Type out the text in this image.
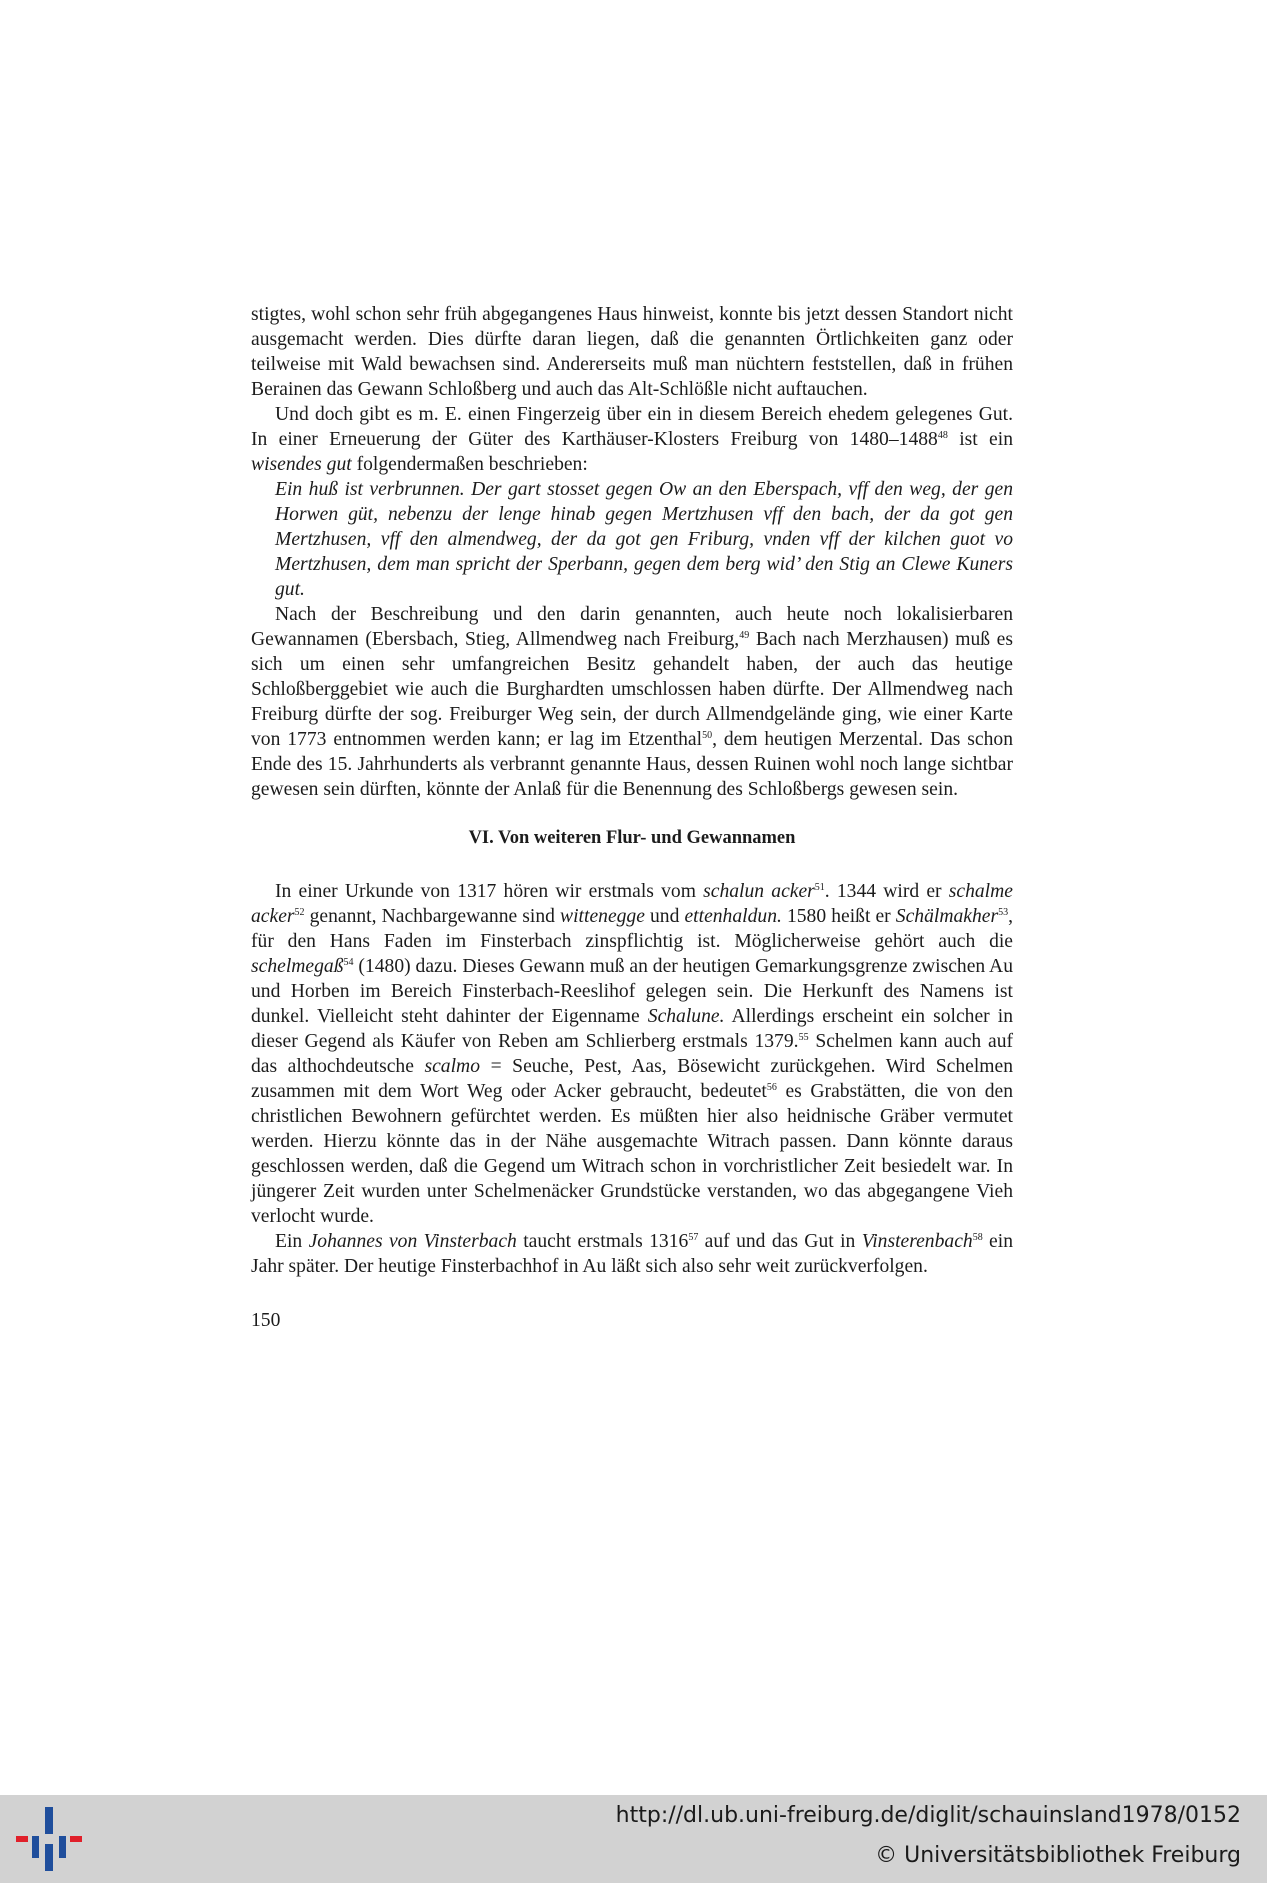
stigtes, wohl schon sehr früh abgegangenes Haus hinweist, konnte bis jetzt dessen Standort nicht ausgemacht werden. Dies dürfte daran liegen, daß die genannten Örtlichkeiten ganz oder teilweise mit Wald bewachsen sind. Andererseits muß man nüchtern feststellen, daß in frühen Berainen das Gewann Schloßberg und auch das Alt-Schlößle nicht auftauchen.

Und doch gibt es m. E. einen Fingerzeig über ein in diesem Bereich ehedem gelegenes Gut. In einer Erneuerung der Güter des Karthäuser-Klosters Freiburg von 1480–1488$^{48}$ ist ein wisendes gut folgendermaßen beschrieben:

Ein huß ist verbrunnen. Der gart stosset gegen Ow an den Eberspach, vff den weg, der gen Horwen güt, nebenzu der lenge hinab gegen Mertzhusen vff den bach, der da got gen Mertzhusen, vff den almendweg, der da got gen Friburg, vnden vff der kilchen guot vo Mertzhusen, dem man spricht der Sperbann, gegen dem berg wid’ den Stig an Clewe Kuners gut.

Nach der Beschreibung und den darin genannten, auch heute noch lokalisierbaren Gewannamen (Ebersbach, Stieg, Allmendweg nach Freiburg,$^{49}$ Bach nach Merzhausen) muß es sich um einen sehr umfangreichen Besitz gehandelt haben, der auch das heutige Schloßberggebiet wie auch die Burghardten umschlossen haben dürfte. Der Allmendweg nach Freiburg dürfte der sog. Freiburger Weg sein, der durch Allmendgelände ging, wie einer Karte von 1773 entnommen werden kann; er lag im Etzenthal$^{50}$, dem heutigen Merzental. Das schon Ende des 15. Jahrhunderts als verbrannt genannte Haus, dessen Ruinen wohl noch lange sichtbar gewesen sein dürften, könnte der Anlaß für die Benennung des Schloßbergs gewesen sein.

VI. Von weiteren Flur- und Gewannamen

In einer Urkunde von 1317 hören wir erstmals vom schalun acker$^{51}$. 1344 wird er schalme acker$^{52}$ genannt, Nachbargewanne sind wittenegge und ettenhaldun. 1580 heißt er Schälmakher$^{53}$, für den Hans Faden im Finsterbach zinspflichtig ist. Möglicherweise gehört auch die schelmegaß$^{54}$ (1480) dazu. Dieses Gewann muß an der heutigen Gemarkungsgrenze zwischen Au und Horben im Bereich Finsterbach-Reeslihof gelegen sein. Die Herkunft des Namens ist dunkel. Vielleicht steht dahinter der Eigenname Schalune. Allerdings erscheint ein solcher in dieser Gegend als Käufer von Reben am Schlierberg erstmals 1379.55 Schelmen kann auch auf das althochdeutsche scalmo = Seuche, Pest, Aas, Bösewicht zurückgehen. Wird Schelmen zusammen mit dem Wort Weg oder Acker gebraucht, bedeutet$^{56}$ es Grabstätten, die von den christlichen Bewohnern gefürchtet werden. Es müßten hier also heidnische Gräber vermutet werden. Hierzu könnte das in der Nähe ausgemachte Witrach passen. Dann könnte daraus geschlossen werden, daß die Gegend um Witrach schon in vorchristlicher Zeit besiedelt war. In jüngerer Zeit wurden unter Schelmenäcker Grundstücke verstanden, wo das abgegangene Vieh verlocht wurde.

Ein Johannes von Vinsterbach taucht erstmals 1316$^{57}$ auf und das Gut in Vinsterenbach$^{58}$ ein Jahr später. Der heutige Finsterbachhof in Au läßt sich also sehr weit zurückverfolgen.

150

http://dl.ub.uni-freiburg.de/diglit/schauinsland1978/0152
© Universitätsbibliothek Freiburg
